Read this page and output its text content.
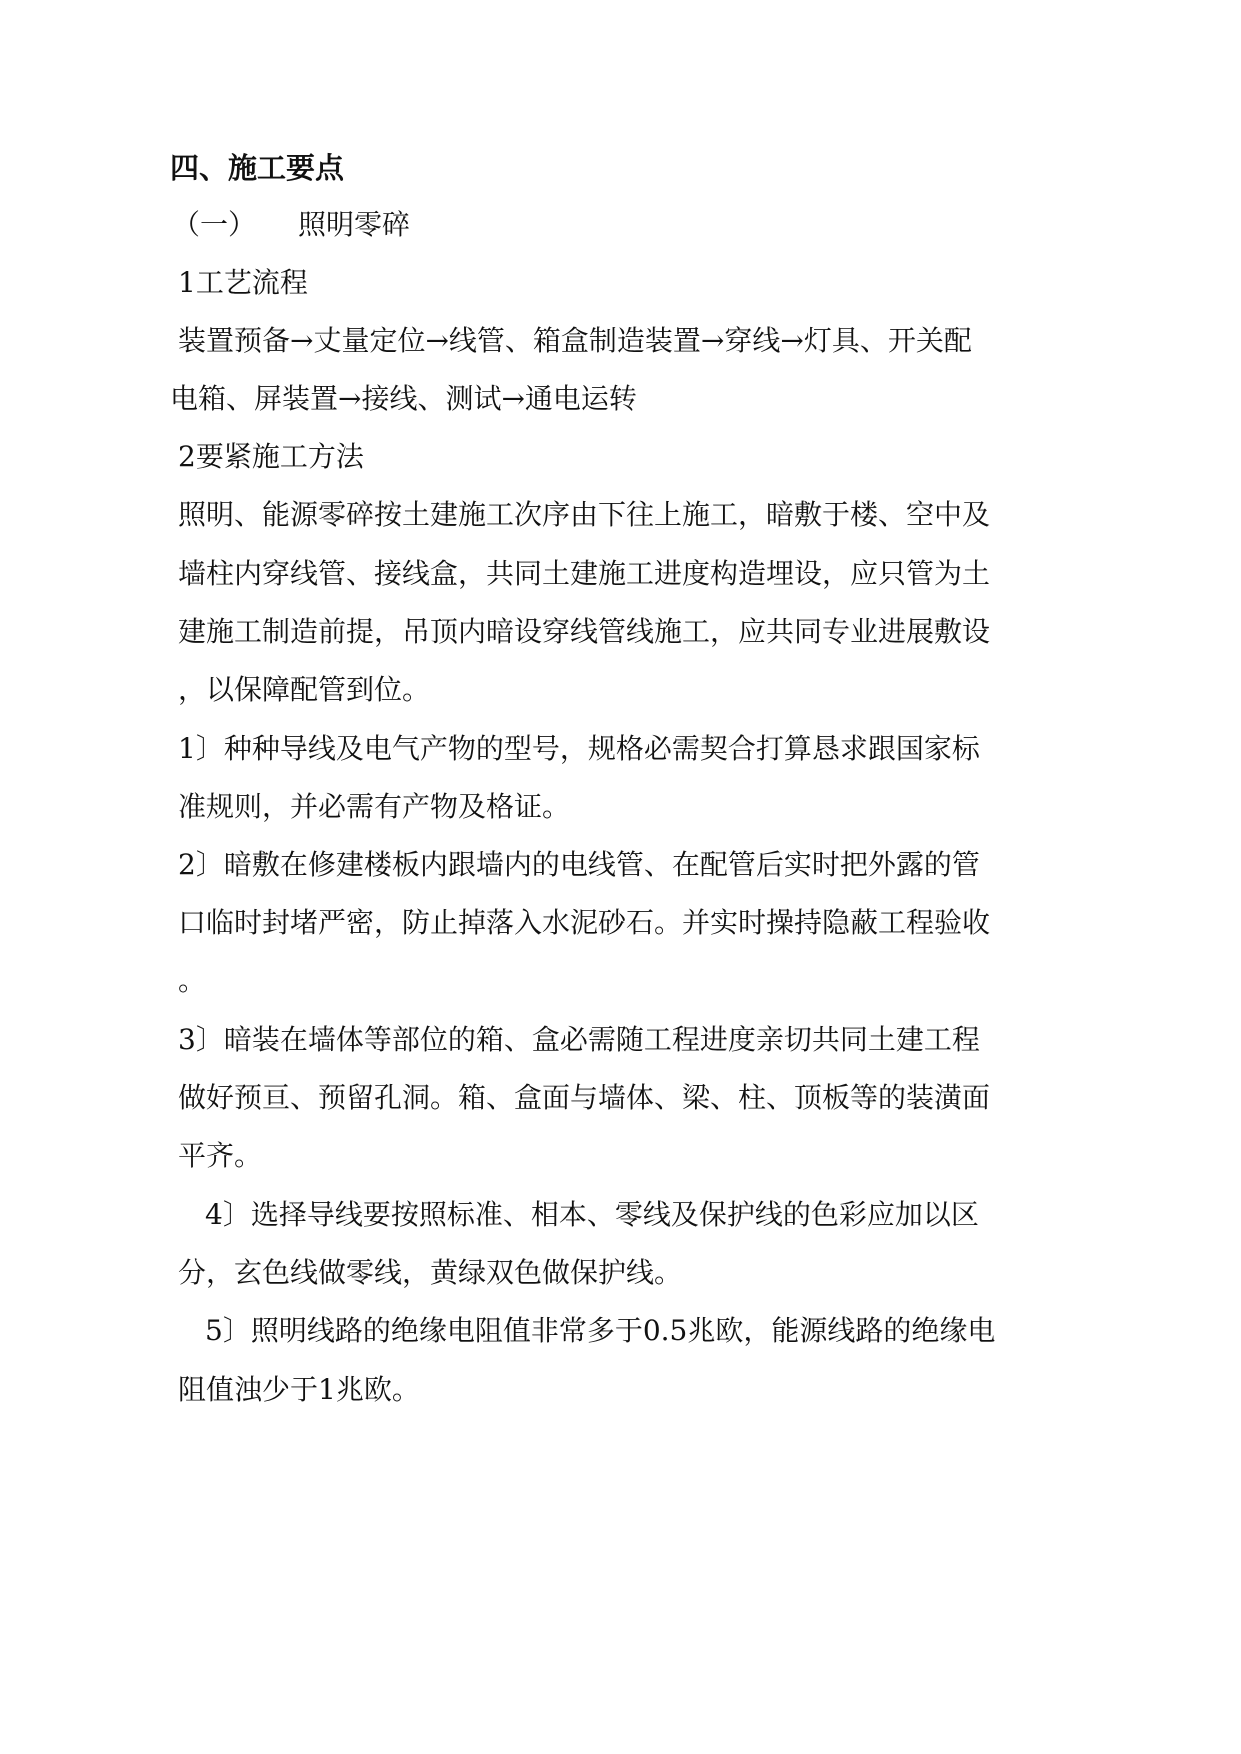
四、施工要点
（一）　　照明零碎
1工艺流程
装置预备→丈量定位→线管、箱盒制造装置→穿线→灯具、开关配
电箱、屏装置→接线、测试→通电运转
2要紧施工方法
照明、能源零碎按土建施工次序由下往上施工，暗敷于楼、空中及
墙柱内穿线管、接线盒，共同土建施工进度构造埋设，应只管为土
建施工制造前提，吊顶内暗设穿线管线施工，应共同专业进展敷设
，以保障配管到位。
1〕种种导线及电气产物的型号，规格必需契合打算恳求跟国家标
准规则，并必需有产物及格证。
2〕暗敷在修建楼板内跟墙内的电线管、在配管后实时把外露的管
口临时封堵严密，防止掉落入水泥砂石。并实时操持隐蔽工程验收
。
3〕暗装在墙体等部位的箱、盒必需随工程进度亲切共同土建工程
做好预亘、预留孔洞。箱、盒面与墙体、梁、柱、顶板等的装潢面
平齐。
4〕选择导线要按照标准、相本、零线及保护线的色彩应加以区
分，玄色线做零线，黄绿双色做保护线。
5〕照明线路的绝缘电阻值非常多于0.5兆欧，能源线路的绝缘电
阻值浊少于1兆欧。
